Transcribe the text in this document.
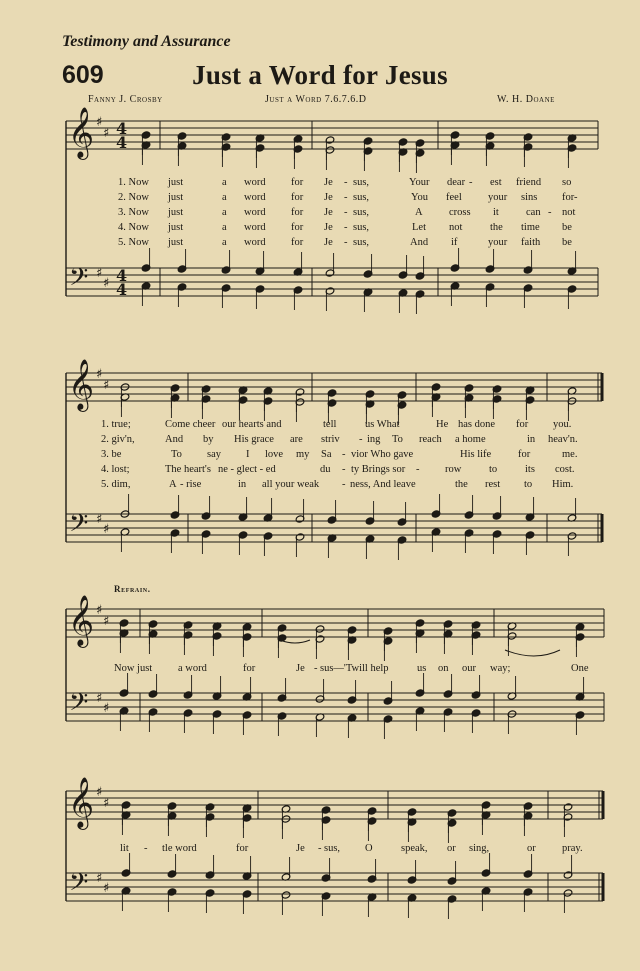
Testimony and Assurance
609	Just a Word for Jesus
Fanny J. Crosby	Just a Word 7.6.7.6.D	W. H. Doane
𝄞
𝄢
♯
♯
♯
♯
4
4
4
4
𝄞
𝄢
♯
♯
♯
♯
𝄞
𝄢
♯
♯
♯
♯
𝄞
𝄢
♯
♯
♯
♯
1. Now just	a word for Je - sus,	Your dear - est friend so
2. Now just	a word for Je - sus,	You feel	your sins for-
3. Now just	a word for Je - sus,	A	cross it	can - not
4. Now just	a word for Je - sus,	Let not	the time be
5. Now just	a word for Je - sus,	And if	your faith be
1. true;	Come cheer our hearts and	tell	us What	He has done for you.
2. giv'n,	And by His grace are striv - ing To reach a home	in heav'n.
3. be	To say I love my Sa - vior Who gave	His life	for	me.
4. lost;	The heart's ne - glect - ed	du - ty Brings sor - row	to	its cost.
5. dim,	A - rise	in all your weak - ness, And leave	the rest to Him.
Now just a word	for	Je - sus—'Twill help	us on our way;	One
lit - tle word	for	Je - sus, O	speak, or sing,	or	pray.
Refrain.
